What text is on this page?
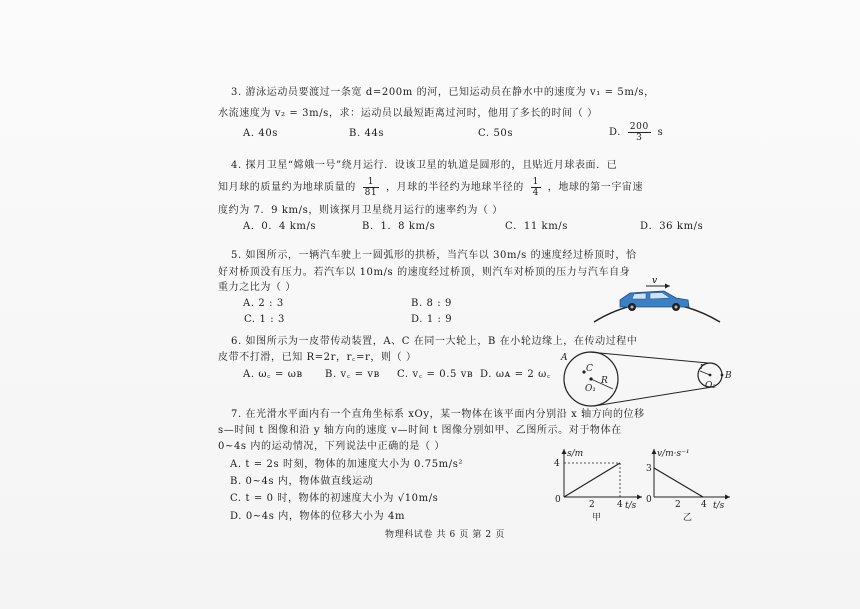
3. 游泳运动员要渡过一条宽 d=200m 的河，已知运动员在静水中的速度为 v₁ = 5m/s，
水流速度为 v₂ = 3m/s，求：运动员以最短距离过河时，他用了多长的时间（ ）
A. 40s	B. 44s	C. 50s	D. $\frac{200}{3}$ s
4. 探月卫星“嫦娥一号”绕月运行．设该卫星的轨道是圆形的，且贴近月球表面．已
知月球的质量约为地球质量的 $\frac{1}{81}$ ，月球的半径约为地球半径的 $\frac{1}{4}$ ，地球的第一宇宙速
度约为 7．9 km/s，则该探月卫星绕月运行的速率约为（ ）
A．0．4 km/s	B．1．8 km/s	C．11 km/s	D．36 km/s
5. 如图所示，一辆汽车驶上一圆弧形的拱桥，当汽车以 30m/s 的速度经过桥顶时，恰
好对桥顶没有压力。若汽车以 10m/s 的速度经过桥顶，则汽车对桥顶的压力与汽车自身
重力之比为（ ）
A. 2 : 3	B. 8 : 9
C. 1 : 3	D. 1 : 9
v
6. 如图所示为一皮带传动装置，A、C 在同一大轮上，B 在小轮边缘上，在传动过程中
皮带不打滑，已知 R=2r，r꜀=r，则（ ）
A. ω꜀ = ωʙ B. v꜀ = vʙ C. v꜀ = 0.5 vʙ D. ωᴀ = 2 ω꜀
A
B
C
R
r
O₁	O₂
7. 在光滑水平面内有一个直角坐标系 xOy，某一物体在该平面内分别沿 x 轴方向的位移
s—时间 t 图像和沿 y 轴方向的速度 v—时间 t 图像分别如甲、乙图所示。对于物体在
0~4s 内的运动情况，下列说法中正确的是（ ）
A. t = 2s 时刻，物体的加速度大小为 0.75m/s²
B. 0~4s 内，物体做直线运动
C. t = 0 时，物体的初速度大小为 √10m/s
D. 0~4s 内，物体的位移大小为 4m
s/m
4
0	2 4 t/s
甲
v/m·s⁻¹
3
0	2 4 t/s
乙
物理科试卷 共 6 页 第 2 页
